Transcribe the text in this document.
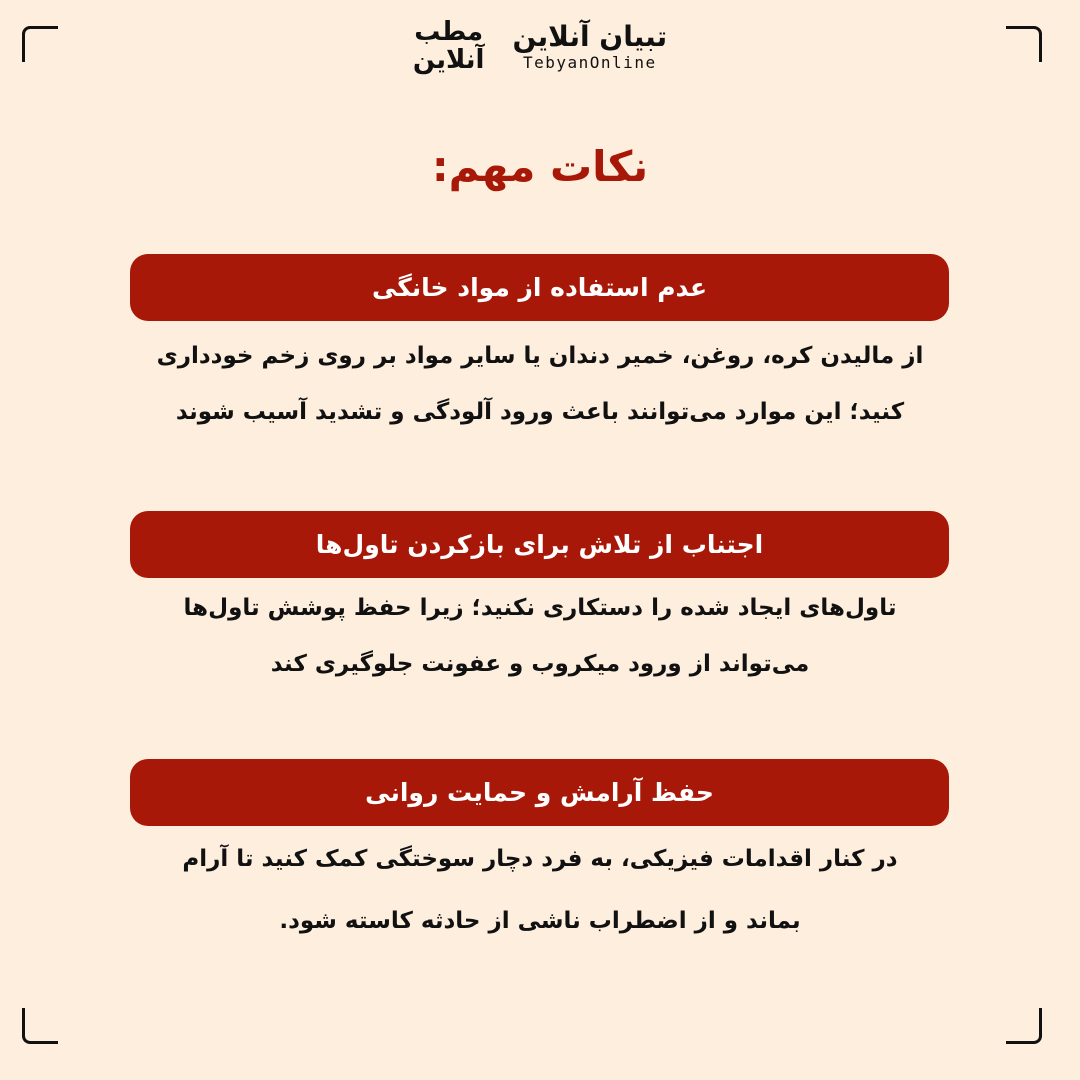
مطب
آنلاین
تبیان آنلاین
TebyanOnline
نکات مهم:
عدم استفاده از مواد خانگی
از مالیدن کره، روغن، خمیر دندان یا سایر مواد بر روی زخم خودداری
کنید؛ این موارد می‌توانند باعث ورود آلودگی و تشدید آسیب شوند
اجتناب از تلاش برای بازکردن تاول‌ها
تاول‌های ایجاد شده را دستکاری نکنید؛ زیرا حفظ پوشش تاول‌ها
می‌تواند از ورود میکروب و عفونت جلوگیری کند
حفظ آرامش و حمایت روانی
در کنار اقدامات فیزیکی، به فرد دچار سوختگی کمک کنید تا آرام
بماند و از اضطراب ناشی از حادثه کاسته شود.
